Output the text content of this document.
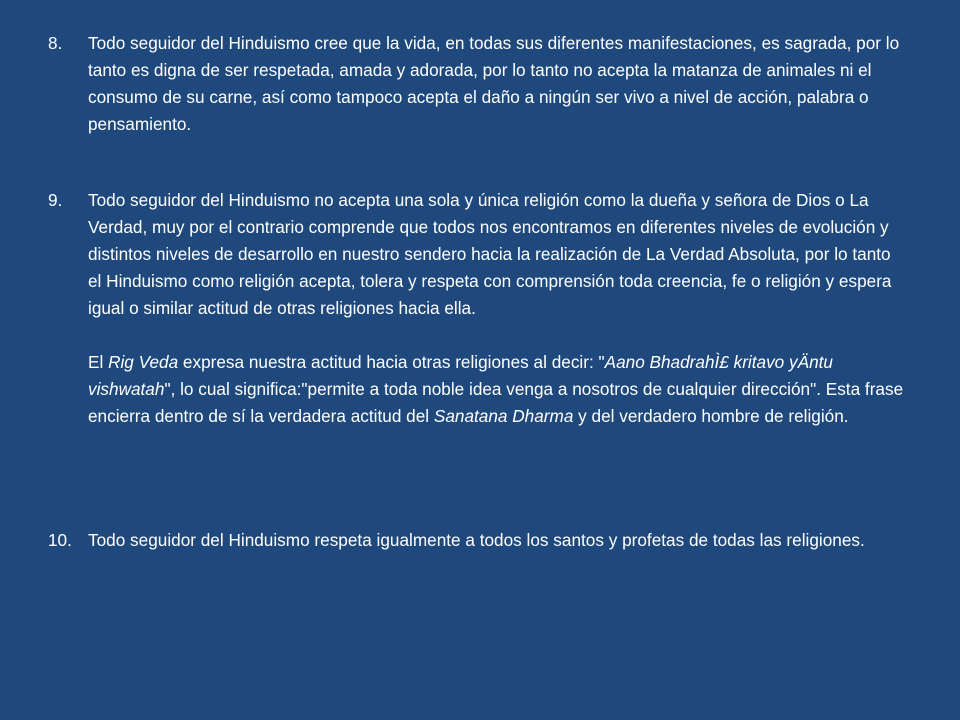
8. Todo seguidor del Hinduismo cree que la vida, en todas sus diferentes manifestaciones, es sagrada, por lo tanto es digna de ser respetada, amada y adorada, por lo tanto no acepta la matanza de animales ni el consumo de su carne, así como tampoco acepta el daño a ningún ser vivo a nivel de acción, palabra o pensamiento.

9. Todo seguidor del Hinduismo no acepta una sola y única religión como la dueña y señora de Dios o La Verdad, muy por el contrario comprende que todos nos encontramos en diferentes niveles de evolución y distintos niveles de desarrollo en nuestro sendero hacia la realización de La Verdad Absoluta, por lo tanto el Hinduismo como religión acepta, tolera y respeta con comprensión toda creencia, fe o religión y espera igual o similar actitud de otras religiones hacia ella.

El Rig Veda expresa nuestra actitud hacia otras religiones al decir: "Aano BhadrahÌ£ kritavo yÄntu vishwatah", lo cual significa:"permite a toda noble idea venga a nosotros de cualquier dirección". Esta frase encierra dentro de sí la verdadera actitud del Sanatana Dharma y del verdadero hombre de religión.

10. Todo seguidor del Hinduismo respeta igualmente a todos los santos y profetas de todas las religiones.
